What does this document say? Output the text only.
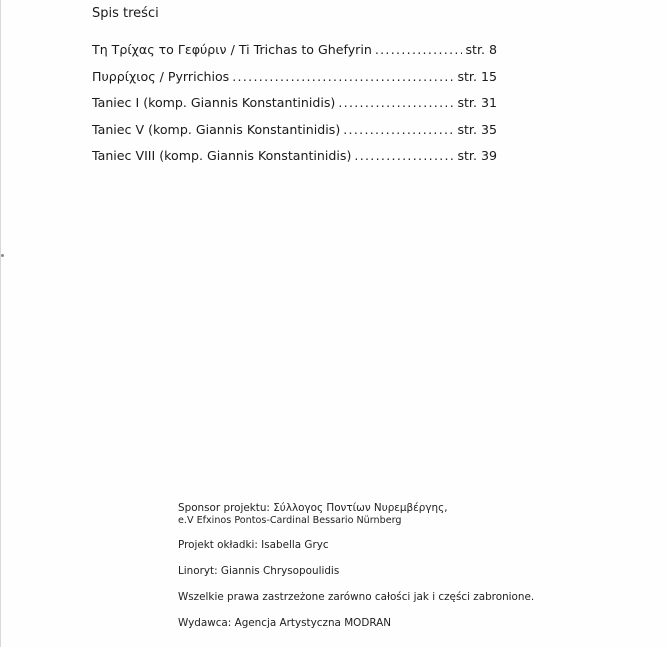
Spis treści
Τη Τρίχας το Γεφύριν / Ti Trichas to Ghefyrin .....	str. 8
Πυρρίχιος / Pyrrichios .....	str. 15
Taniec I (komp. Giannis Konstantinidis) .....	str. 31
Taniec V (komp. Giannis Konstantinidis) .....	str. 35
Taniec VIII (komp. Giannis Konstantinidis) .....	str. 39

Sponsor projektu: Σύλλογος Ποντίων Νυρεμβέργης,

e.V Efxinos Pontos-Cardinal Bessario Nürnberg

Projekt okładki: Isabella Gryc

Linoryt: Giannis Chrysopoulidis

Wszelkie prawa zastrzeżone zarówno całości jak i części zabronione.

Wydawca: Agencja Artystyczna MODRAN
